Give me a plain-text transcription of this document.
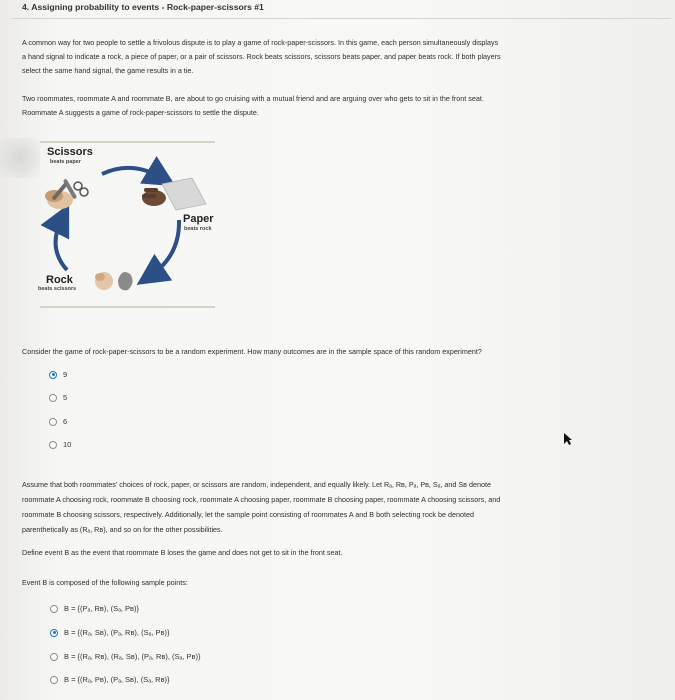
4. Assigning probability to events - Rock-paper-scissors #1
A common way for two people to settle a frivolous dispute is to play a game of rock-paper-scissors. In this game, each person simultaneously displays
a hand signal to indicate a rock, a piece of paper, or a pair of scissors. Rock beats scissors, scissors beats paper, and paper beats rock. If both players
select the same hand signal, the game results in a tie.
Two roommates, roommate A and roommate B, are about to go cruising with a mutual friend and are arguing over who gets to sit in the front seat.
Roommate A suggests a game of rock-paper-scissors to settle the dispute.
Scissors
beats paper
Paper
beats rock
Rock
beats scissors
Consider the game of rock-paper-scissors to be a random experiment. How many outcomes are in the sample space of this random experiment?
9
5
6
10
Assume that both roommates' choices of rock, paper, or scissors are random, independent, and equally likely. Let Rₐ, Rʙ, Pₐ, Pʙ, Sₐ, and Sʙ denote
roommate A choosing rock, roommate B choosing rock, roommate A choosing paper, roommate B choosing paper, roommate A choosing scissors, and
roommate B choosing scissors, respectively. Additionally, let the sample point consisting of roommates A and B both selecting rock be denoted
parenthetically as (Rₐ, Rʙ), and so on for the other possibilities.
Define event B as the event that roommate B loses the game and does not get to sit in the front seat.
Event B is composed of the following sample points:
B = {(Pₐ, Rʙ), (Sₐ, Pʙ)}
B = {(Rₐ, Sʙ), (Pₐ, Rʙ), (Sₐ, Pʙ)}
B = {(Rₐ, Rʙ), (Rₐ, Sʙ), (Pₐ, Rʙ), (Sₐ, Pʙ)}
B = {(Rₐ, Pʙ), (Pₐ, Sʙ), (Sₐ, Rʙ)}
